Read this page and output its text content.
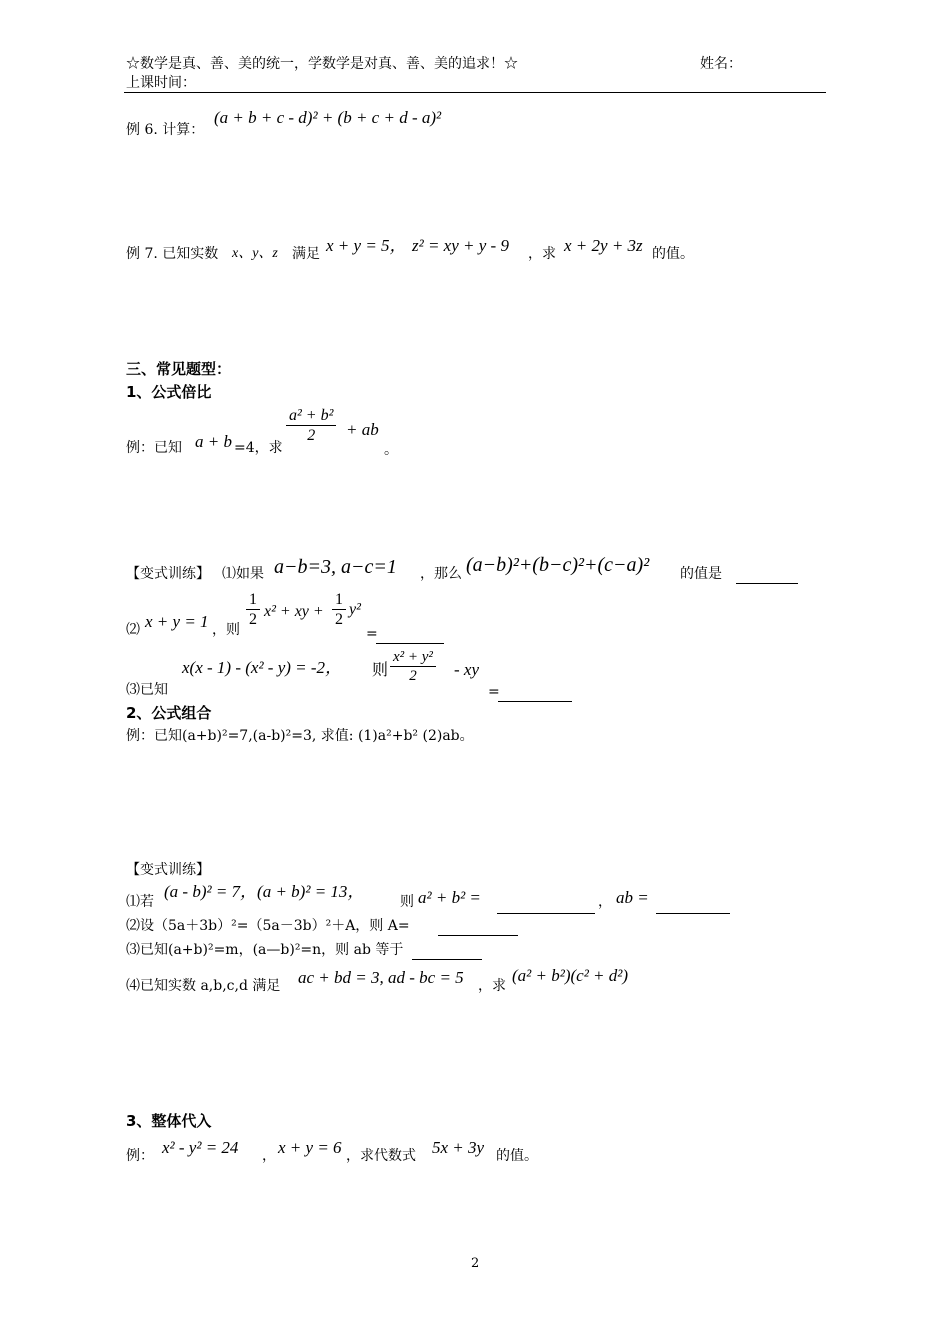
☆数学是真、善、美的统一，学数学是对真、善、美的追求！☆	姓名：
上课时间：
例 6. 计算：
(a + b + c - d)² + (b + c + d - a)²
例 7. 已知实数 x、y、z 满足 x + y = 5， z² = xy + y - 9 ，求 x + 2y + 3z 的值。
三、常见题型：
1、公式倍比
例：已知 a + b =4，求
$\frac{\text{a² + b²}}{2}$ + ab
。
【变式训练】 ⑴如果 a−b=3, a−c=1 ，那么 (a−b)²+(b−c)²+(c−a)² 的值是

⑵ x + y = 1 ，则
$\frac{1}{2} x^2$ + xy + $\frac{1}{2} y^2$
=

⑶已知
x(x - 1) - (x² - y) = -2， 则 $\frac{\text{x² + y²}}{2}$ - xy
=

2、公式组合
例：已知(a+b)²=7,(a-b)²=3, 求值: (1)a²+b² (2)ab。
【变式训练】
⑴若
(a - b)² = 7，(a + b)² = 13，
则 a² + b² =
	， ab =

⑵设（5a＋3b）²=（5a－3b）²＋A，则 A=

⑶已知(a+b)²=m，(a—b)²=n，则 ab 等于

⑷已知实数 a,b,c,d 满足 ac + bd = 3, ad - bc = 5 ，求
(a² + b²)(c² + d²)
3、整体代入
例： x² - y² = 24 ， x + y = 6 ，求代数式 5x + 3y 的值。
2
